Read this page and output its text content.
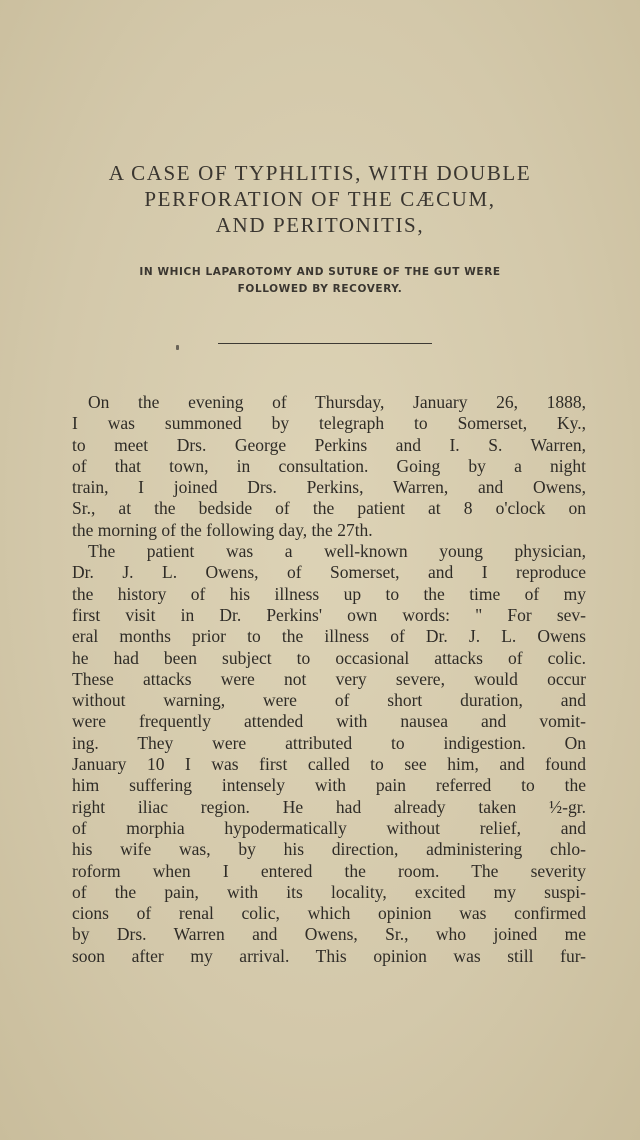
A CASE OF TYPHLITIS, WITH DOUBLE
PERFORATION OF THE CÆCUM,
AND PERITONITIS,
IN WHICH LAPAROTOMY AND SUTURE OF THE GUT WERE
FOLLOWED BY RECOVERY.
On the evening of Thursday, January 26, 1888,
I was summoned by telegraph to Somerset, Ky.,
to meet Drs. George Perkins and I. S. Warren,
of that town, in consultation. Going by a night
train, I joined Drs. Perkins, Warren, and Owens,
Sr., at the bedside of the patient at 8 o'clock on
the morning of the following day, the 27th.
The patient was a well-known young physician,
Dr. J. L. Owens, of Somerset, and I reproduce
the history of his illness up to the time of my
first visit in Dr. Perkins' own words: " For sev-
eral months prior to the illness of Dr. J. L. Owens
he had been subject to occasional attacks of colic.
These attacks were not very severe, would occur
without warning, were of short duration, and
were frequently attended with nausea and vomit-
ing. They were attributed to indigestion. On
January 10 I was first called to see him, and found
him suffering intensely with pain referred to the
right iliac region. He had already taken ½-gr.
of morphia hypodermatically without relief, and
his wife was, by his direction, administering chlo-
roform when I entered the room. The severity
of the pain, with its locality, excited my suspi-
cions of renal colic, which opinion was confirmed
by Drs. Warren and Owens, Sr., who joined me
soon after my arrival. This opinion was still fur-
